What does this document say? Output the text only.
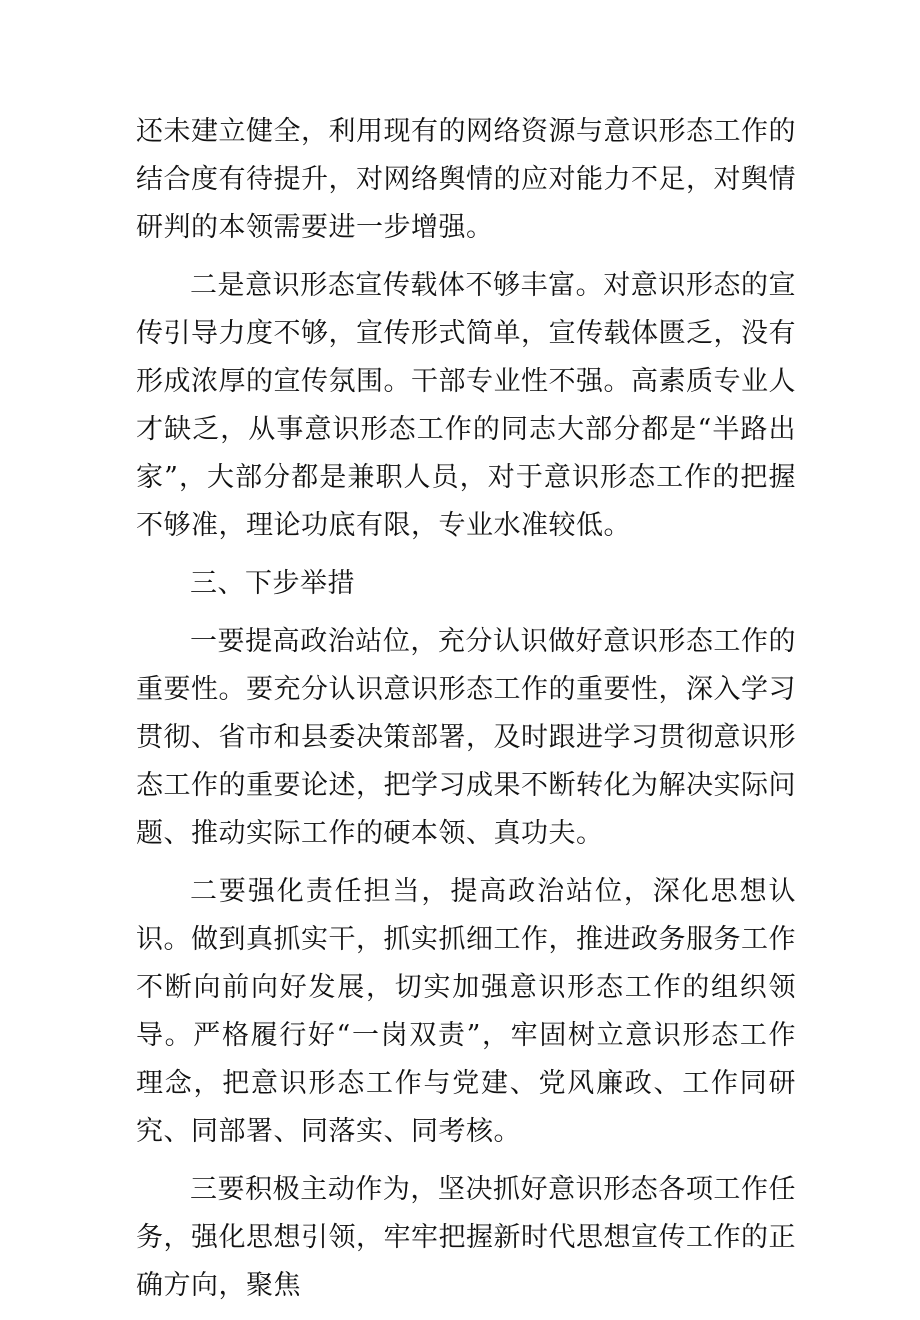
还未建立健全，利用现有的网络资源与意识形态工作的结合度有待提升，对网络舆情的应对能力不足，对舆情研判的本领需要进一步增强。

二是意识形态宣传载体不够丰富。对意识形态的宣传引导力度不够，宣传形式简单，宣传载体匮乏，没有形成浓厚的宣传氛围。干部专业性不强。高素质专业人才缺乏，从事意识形态工作的同志大部分都是“半路出家”，大部分都是兼职人员，对于意识形态工作的把握不够准，理论功底有限，专业水准较低。

三、下步举措

一要提高政治站位，充分认识做好意识形态工作的重要性。要充分认识意识形态工作的重要性，深入学习贯彻、省市和县委决策部署，及时跟进学习贯彻意识形态工作的重要论述，把学习成果不断转化为解决实际问题、推动实际工作的硬本领、真功夫。

二要强化责任担当，提高政治站位，深化思想认识。做到真抓实干，抓实抓细工作，推进政务服务工作不断向前向好发展，切实加强意识形态工作的组织领导。严格履行好“一岗双责”，牢固树立意识形态工作理念，把意识形态工作与党建、党风廉政、工作同研究、同部署、同落实、同考核。

三要积极主动作为，坚决抓好意识形态各项工作任务，强化思想引领，牢牢把握新时代思想宣传工作的正确方向，聚焦
